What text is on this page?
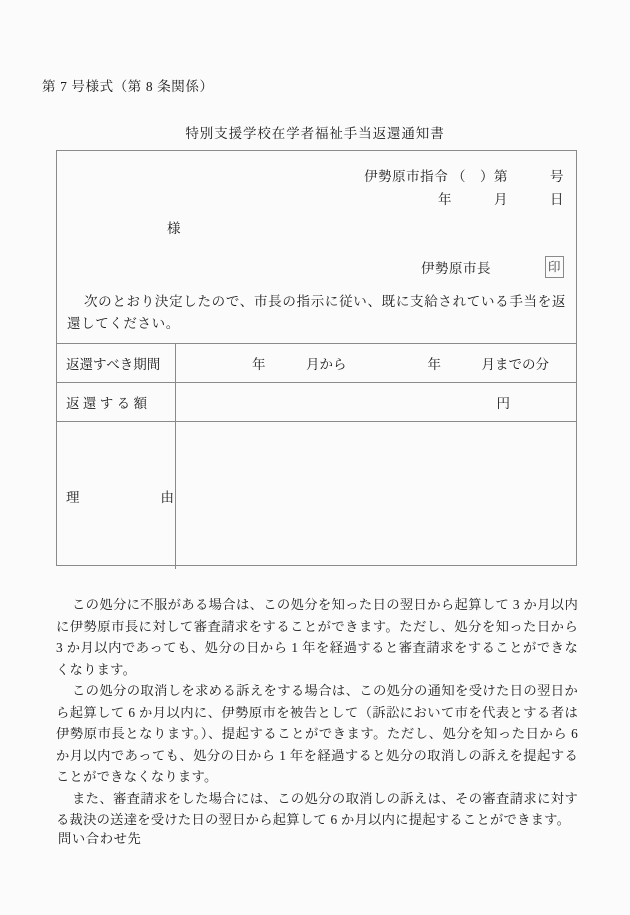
第 7 号様式（第 8 条関係）
特別支援学校在学者福祉手当返還通知書
伊勢原市指令 （　）第　　　号
年　　　月　　　日
様
伊勢原市長	印
次のとおり決定したので、市長の指示に従い、既に支給されている手当を返還してください。
返還すべき期間	年　　　月から　　　　　　年　　　月までの分
返 還 す る 額	円
理　　　　　　由

この処分に不服がある場合は、この処分を知った日の翌日から起算して 3 か月以内に伊勢原市長に対して審査請求をすることができます。ただし、処分を知った日から 3 か月以内であっても、処分の日から 1 年を経過すると審査請求をすることができなくなります。

この処分の取消しを求める訴えをする場合は、この処分の通知を受けた日の翌日から起算して 6 か月以内に、伊勢原市を被告として（訴訟において市を代表とする者は伊勢原市長となります。）、提起することができます。ただし、処分を知った日から 6 か月以内であっても、処分の日から 1 年を経過すると処分の取消しの訴えを提起することができなくなります。

また、審査請求をした場合には、この処分の取消しの訴えは、その審査請求に対する裁決の送達を受けた日の翌日から起算して 6 か月以内に提起することができます。

問い合わせ先
